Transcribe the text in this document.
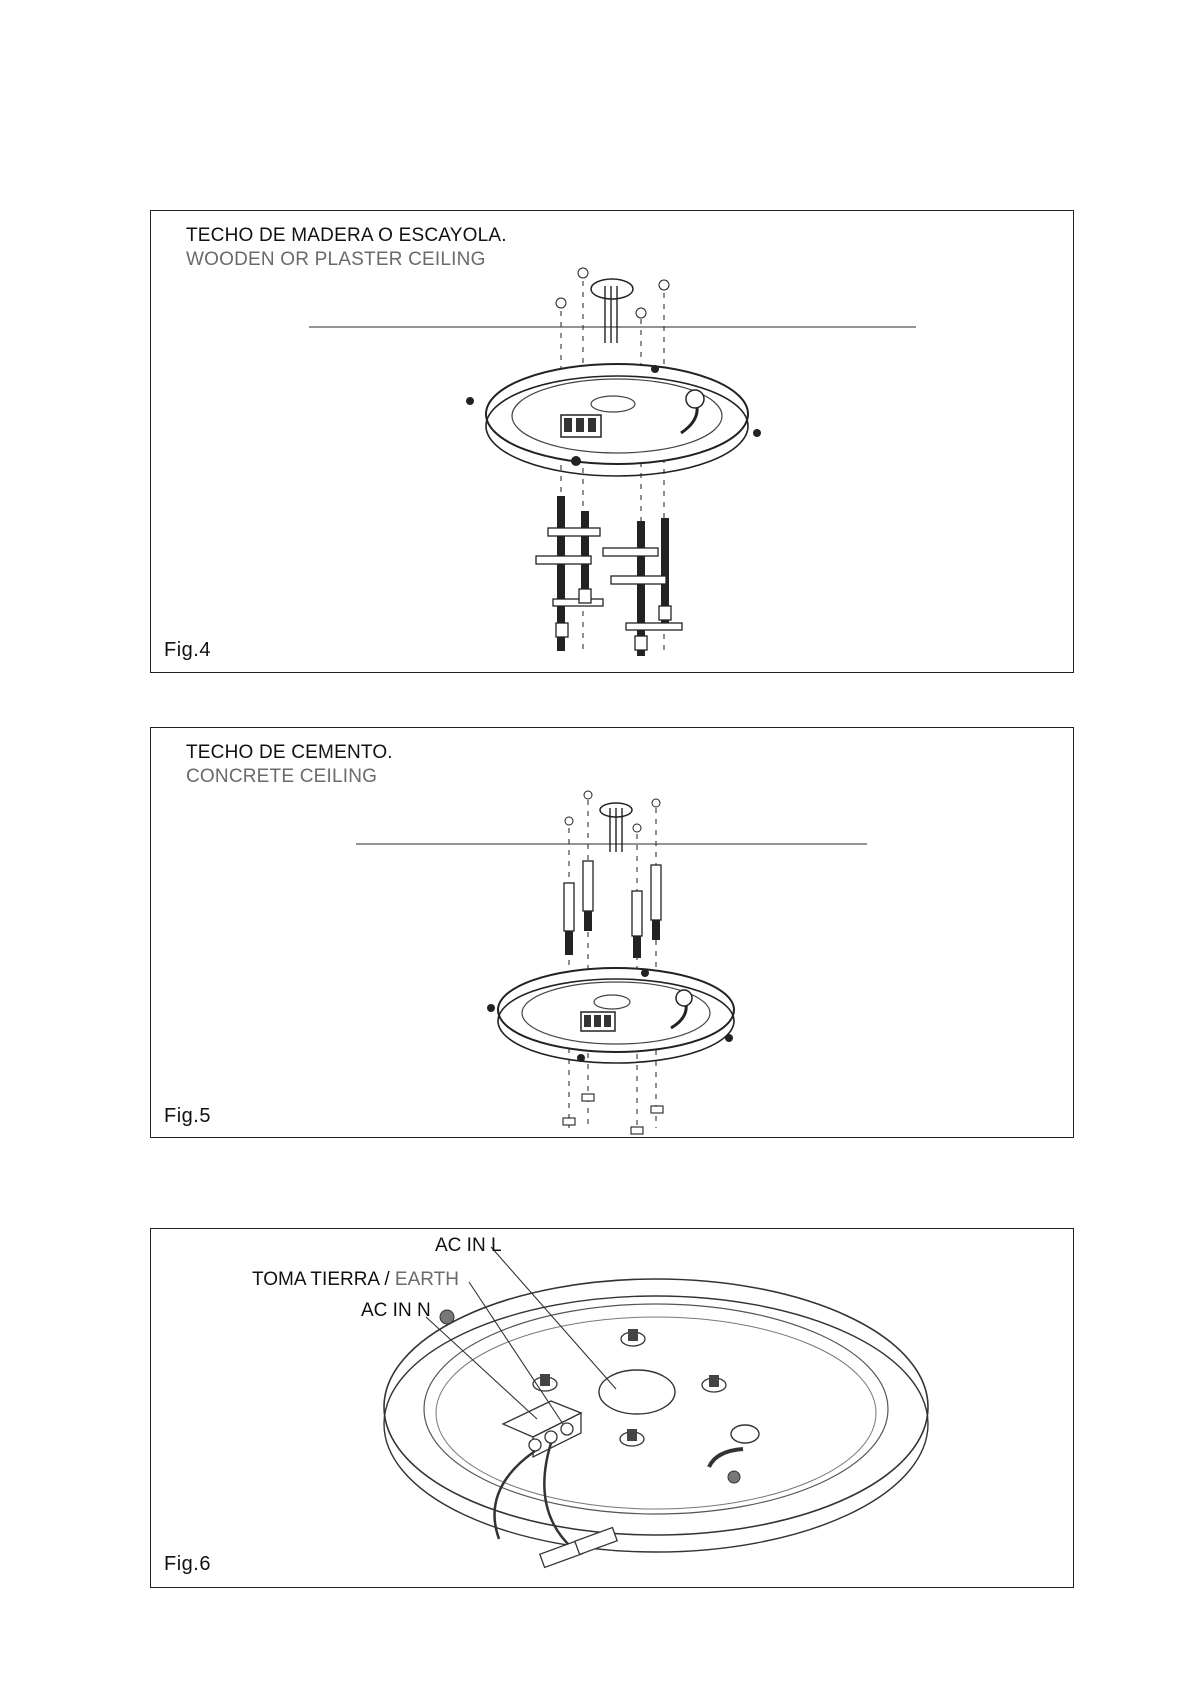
TECHO DE MADERA O ESCAYOLA.
WOODEN OR PLASTER CEILING
Fig.4
TECHO DE CEMENTO.
CONCRETE CEILING
Fig.5
AC IN L
TOMA TIERRA / EARTH
AC IN N
Fig.6
